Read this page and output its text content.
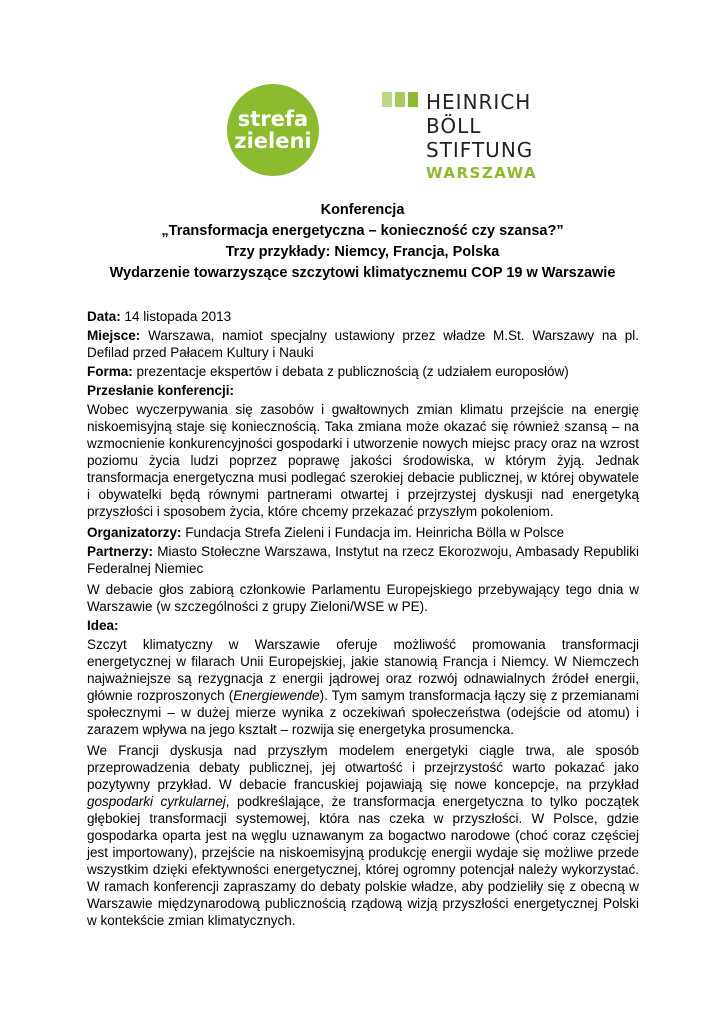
strefa
zieleni
HEINRICH
BÖLL
STIFTUNG
WARSZAWA
Konferencja
„Transformacja energetyczna – konieczność czy szansa?”
Trzy przykłady: Niemcy, Francja, Polska
Wydarzenie towarzyszące szczytowi klimatycznemu COP 19 w Warszawie

Data: 14 listopada 2013

Miejsce: Warszawa, namiot specjalny ustawiony przez władze M.St. Warszawy na pl. Defilad przed Pałacem Kultury i Nauki

Forma: prezentacje ekspertów i debata z publicznością (z udziałem europosłów)

Przesłanie konferencji:

Wobec wyczerpywania się zasobów i gwałtownych zmian klimatu przejście na energię niskoemisyjną staje się koniecznością. Taka zmiana może okazać się również szansą – na wzmocnienie konkurencyjności gospodarki i utworzenie nowych miejsc pracy oraz na wzrost poziomu życia ludzi poprzez poprawę jakości środowiska, w którym żyją. Jednak transformacja energetyczna musi podlegać szerokiej debacie publicznej, w której obywatele i obywatelki będą równymi partnerami otwartej i przejrzystej dyskusji nad energetyką przyszłości i sposobem życia, które chcemy przekazać przyszłym pokoleniom.

Organizatorzy: Fundacja Strefa Zieleni i Fundacja im. Heinricha Bölla w Polsce

Partnerzy: Miasto Stołeczne Warszawa, Instytut na rzecz Ekorozwoju, Ambasady Republiki Federalnej Niemiec

W debacie głos zabiorą członkowie Parlamentu Europejskiego przebywający tego dnia w Warszawie (w szczególności z grupy Zieloni/WSE w PE).

Idea:

Szczyt klimatyczny w Warszawie oferuje możliwość promowania transformacji energetycznej w filarach Unii Europejskiej, jakie stanowią Francja i Niemcy. W Niemczech najważniejsze są rezygnacja z energii jądrowej oraz rozwój odnawialnych źródeł energii, głównie rozproszonych (Energiewende). Tym samym transformacja łączy się z przemianami społecznymi – w dużej mierze wynika z oczekiwań społeczeństwa (odejście od atomu) i zarazem wpływa na jego kształt – rozwija się energetyka prosumencka.

We Francji dyskusja nad przyszłym modelem energetyki ciągle trwa, ale sposób przeprowadzenia debaty publicznej, jej otwartość i przejrzystość warto pokazać jako pozytywny przykład. W debacie francuskiej pojawiają się nowe koncepcje, na przykład gospodarki cyrkularnej, podkreślające, że transformacja energetyczna to tylko początek głębokiej transformacji systemowej, która nas czeka w przyszłości. W Polsce, gdzie gospodarka oparta jest na węglu uznawanym za bogactwo narodowe (choć coraz częściej jest importowany), przejście na niskoemisyjną produkcję energii wydaje się możliwe przede wszystkim dzięki efektywności energetycznej, której ogromny potencjał należy wykorzystać. W ramach konferencji zapraszamy do debaty polskie władze, aby podzieliły się z obecną w Warszawie międzynarodową publicznością rządową wizją przyszłości energetycznej Polski w kontekście zmian klimatycznych.
